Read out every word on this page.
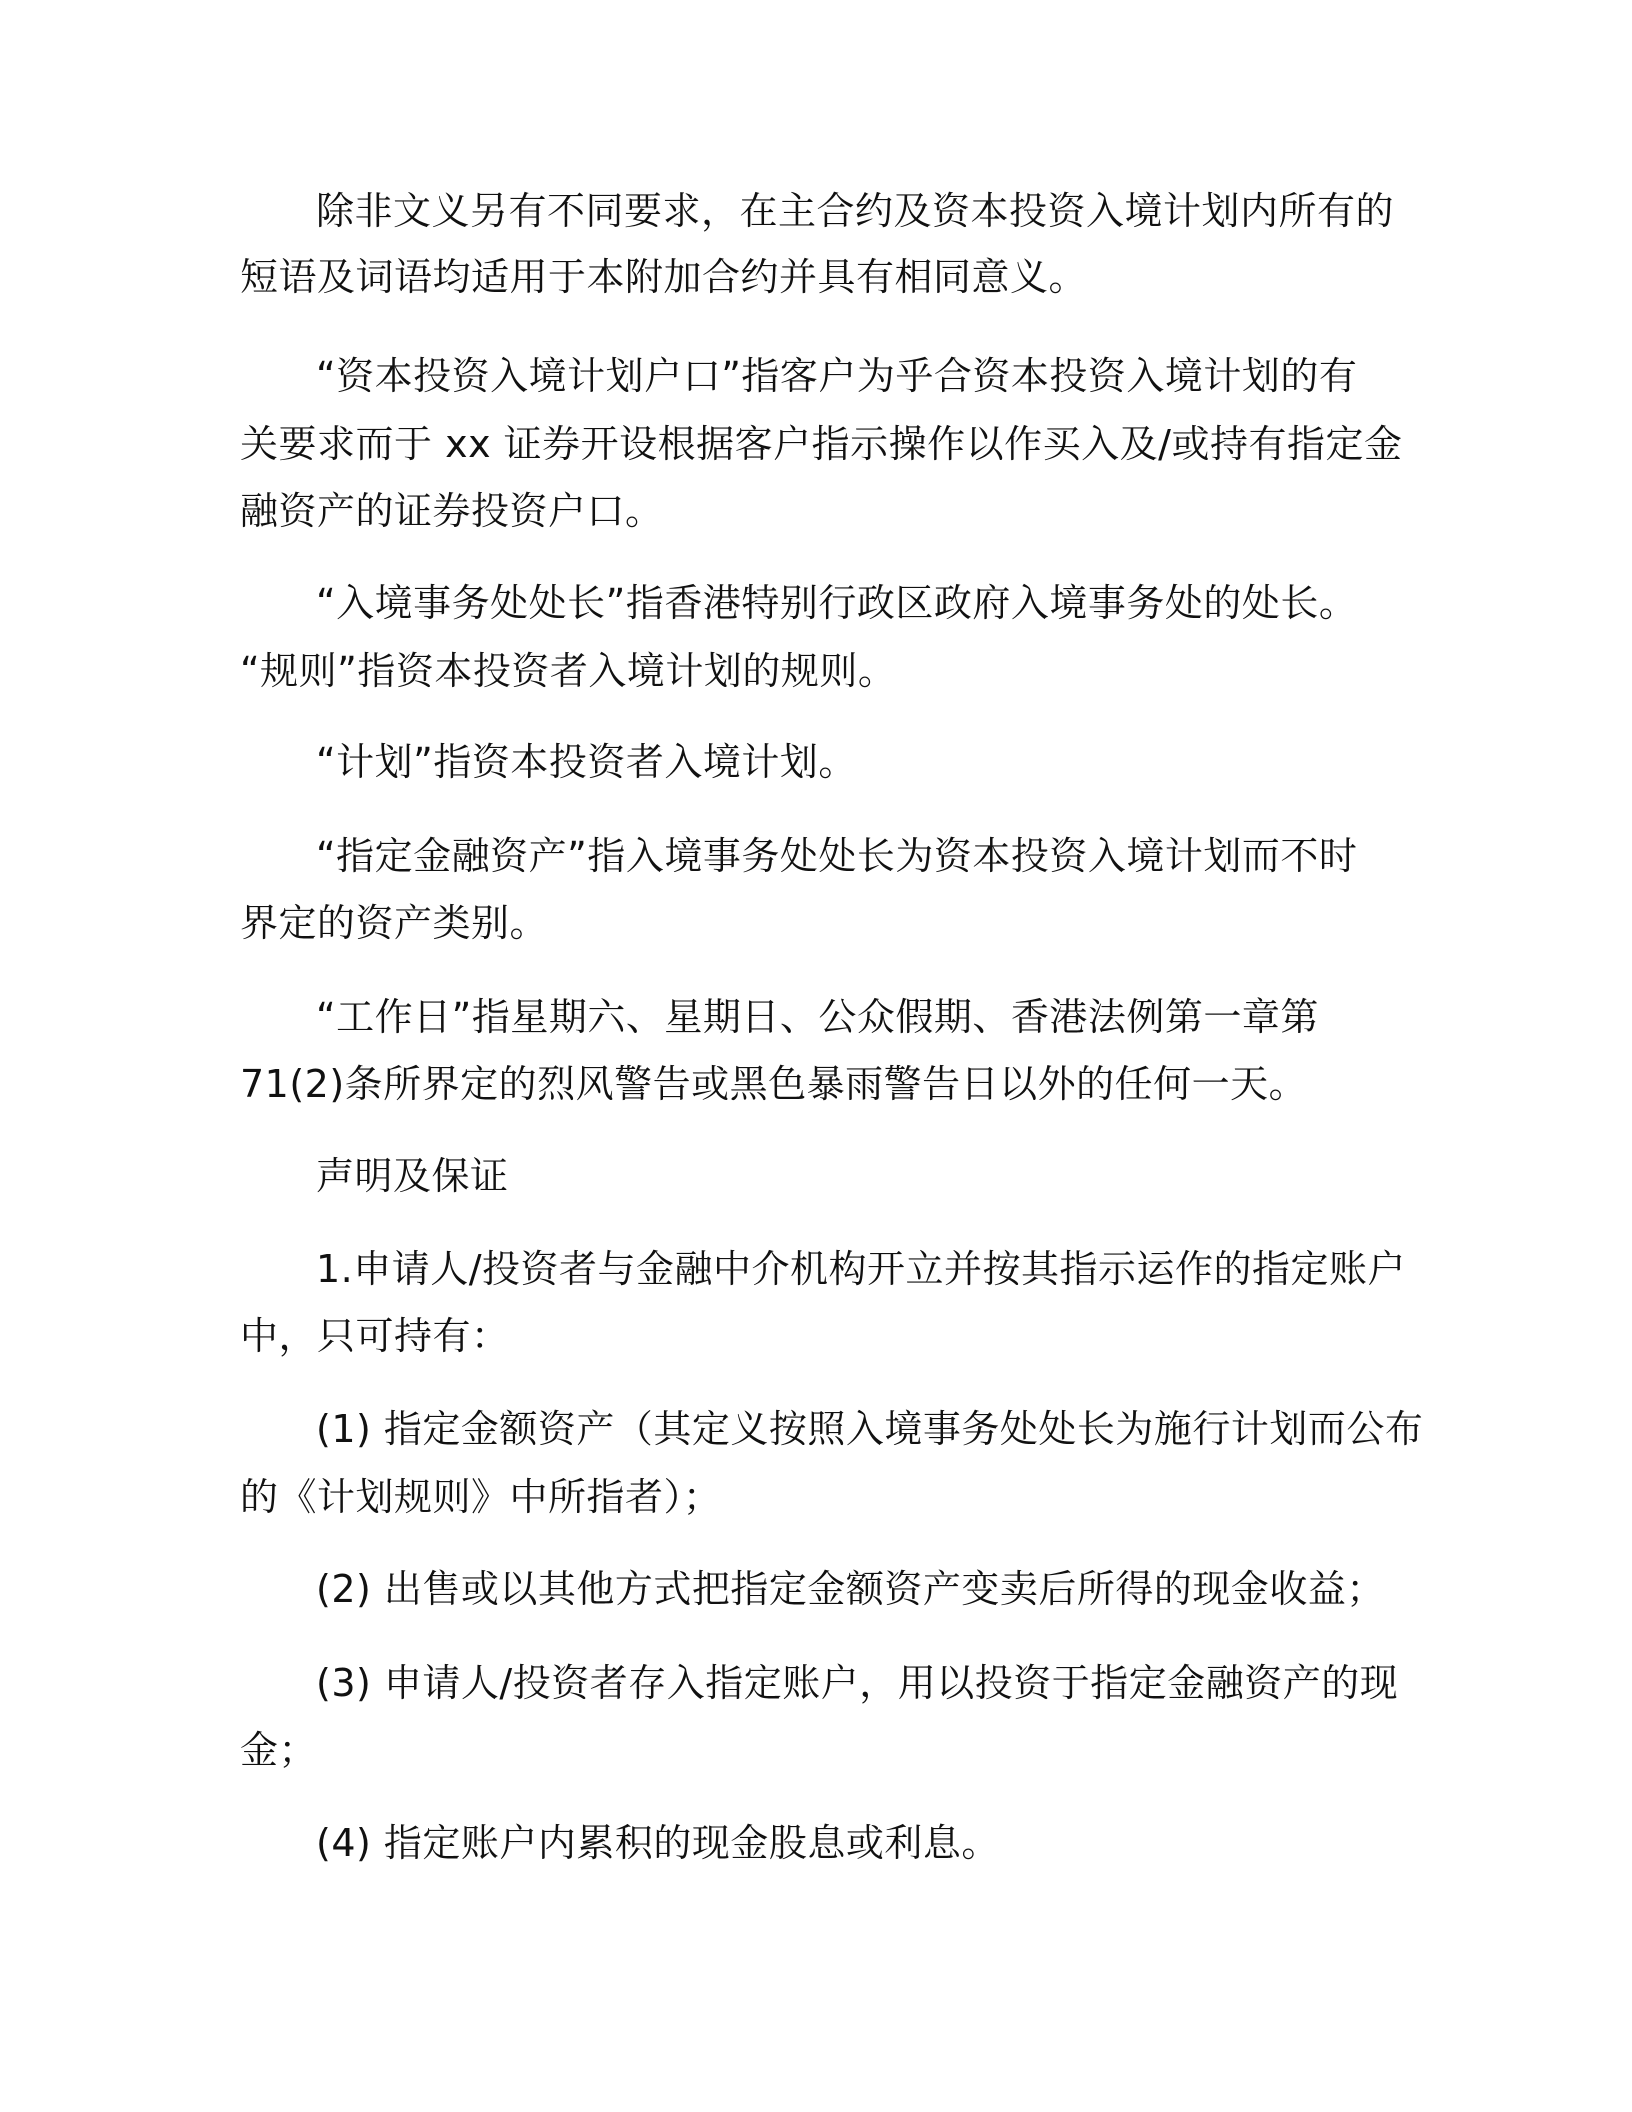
除非文义另有不同要求，在主合约及资本投资入境计划内所有的
短语及词语均适用于本附加合约并具有相同意义。
“资本投资入境计划户口”指客户为乎合资本投资入境计划的有
关要求而于 xx 证券开设根据客户指示操作以作买入及/或持有指定金
融资产的证券投资户口。
“入境事务处处长”指香港特别行政区政府入境事务处的处长。
“规则”指资本投资者入境计划的规则。
“计划”指资本投资者入境计划。
“指定金融资产”指入境事务处处长为资本投资入境计划而不时
界定的资产类别。
“工作日”指星期六、星期日、公众假期、香港法例第一章第
71(2)条所界定的烈风警告或黑色暴雨警告日以外的任何一天。
声明及保证
1.申请人/投资者与金融中介机构开立并按其指示运作的指定账户
中，只可持有：
(1) 指定金额资产（其定义按照入境事务处处长为施行计划而公布
的《计划规则》中所指者）；
(2) 出售或以其他方式把指定金额资产变卖后所得的现金收益；
(3) 申请人/投资者存入指定账户，用以投资于指定金融资产的现
金；
(4) 指定账户内累积的现金股息或利息。
